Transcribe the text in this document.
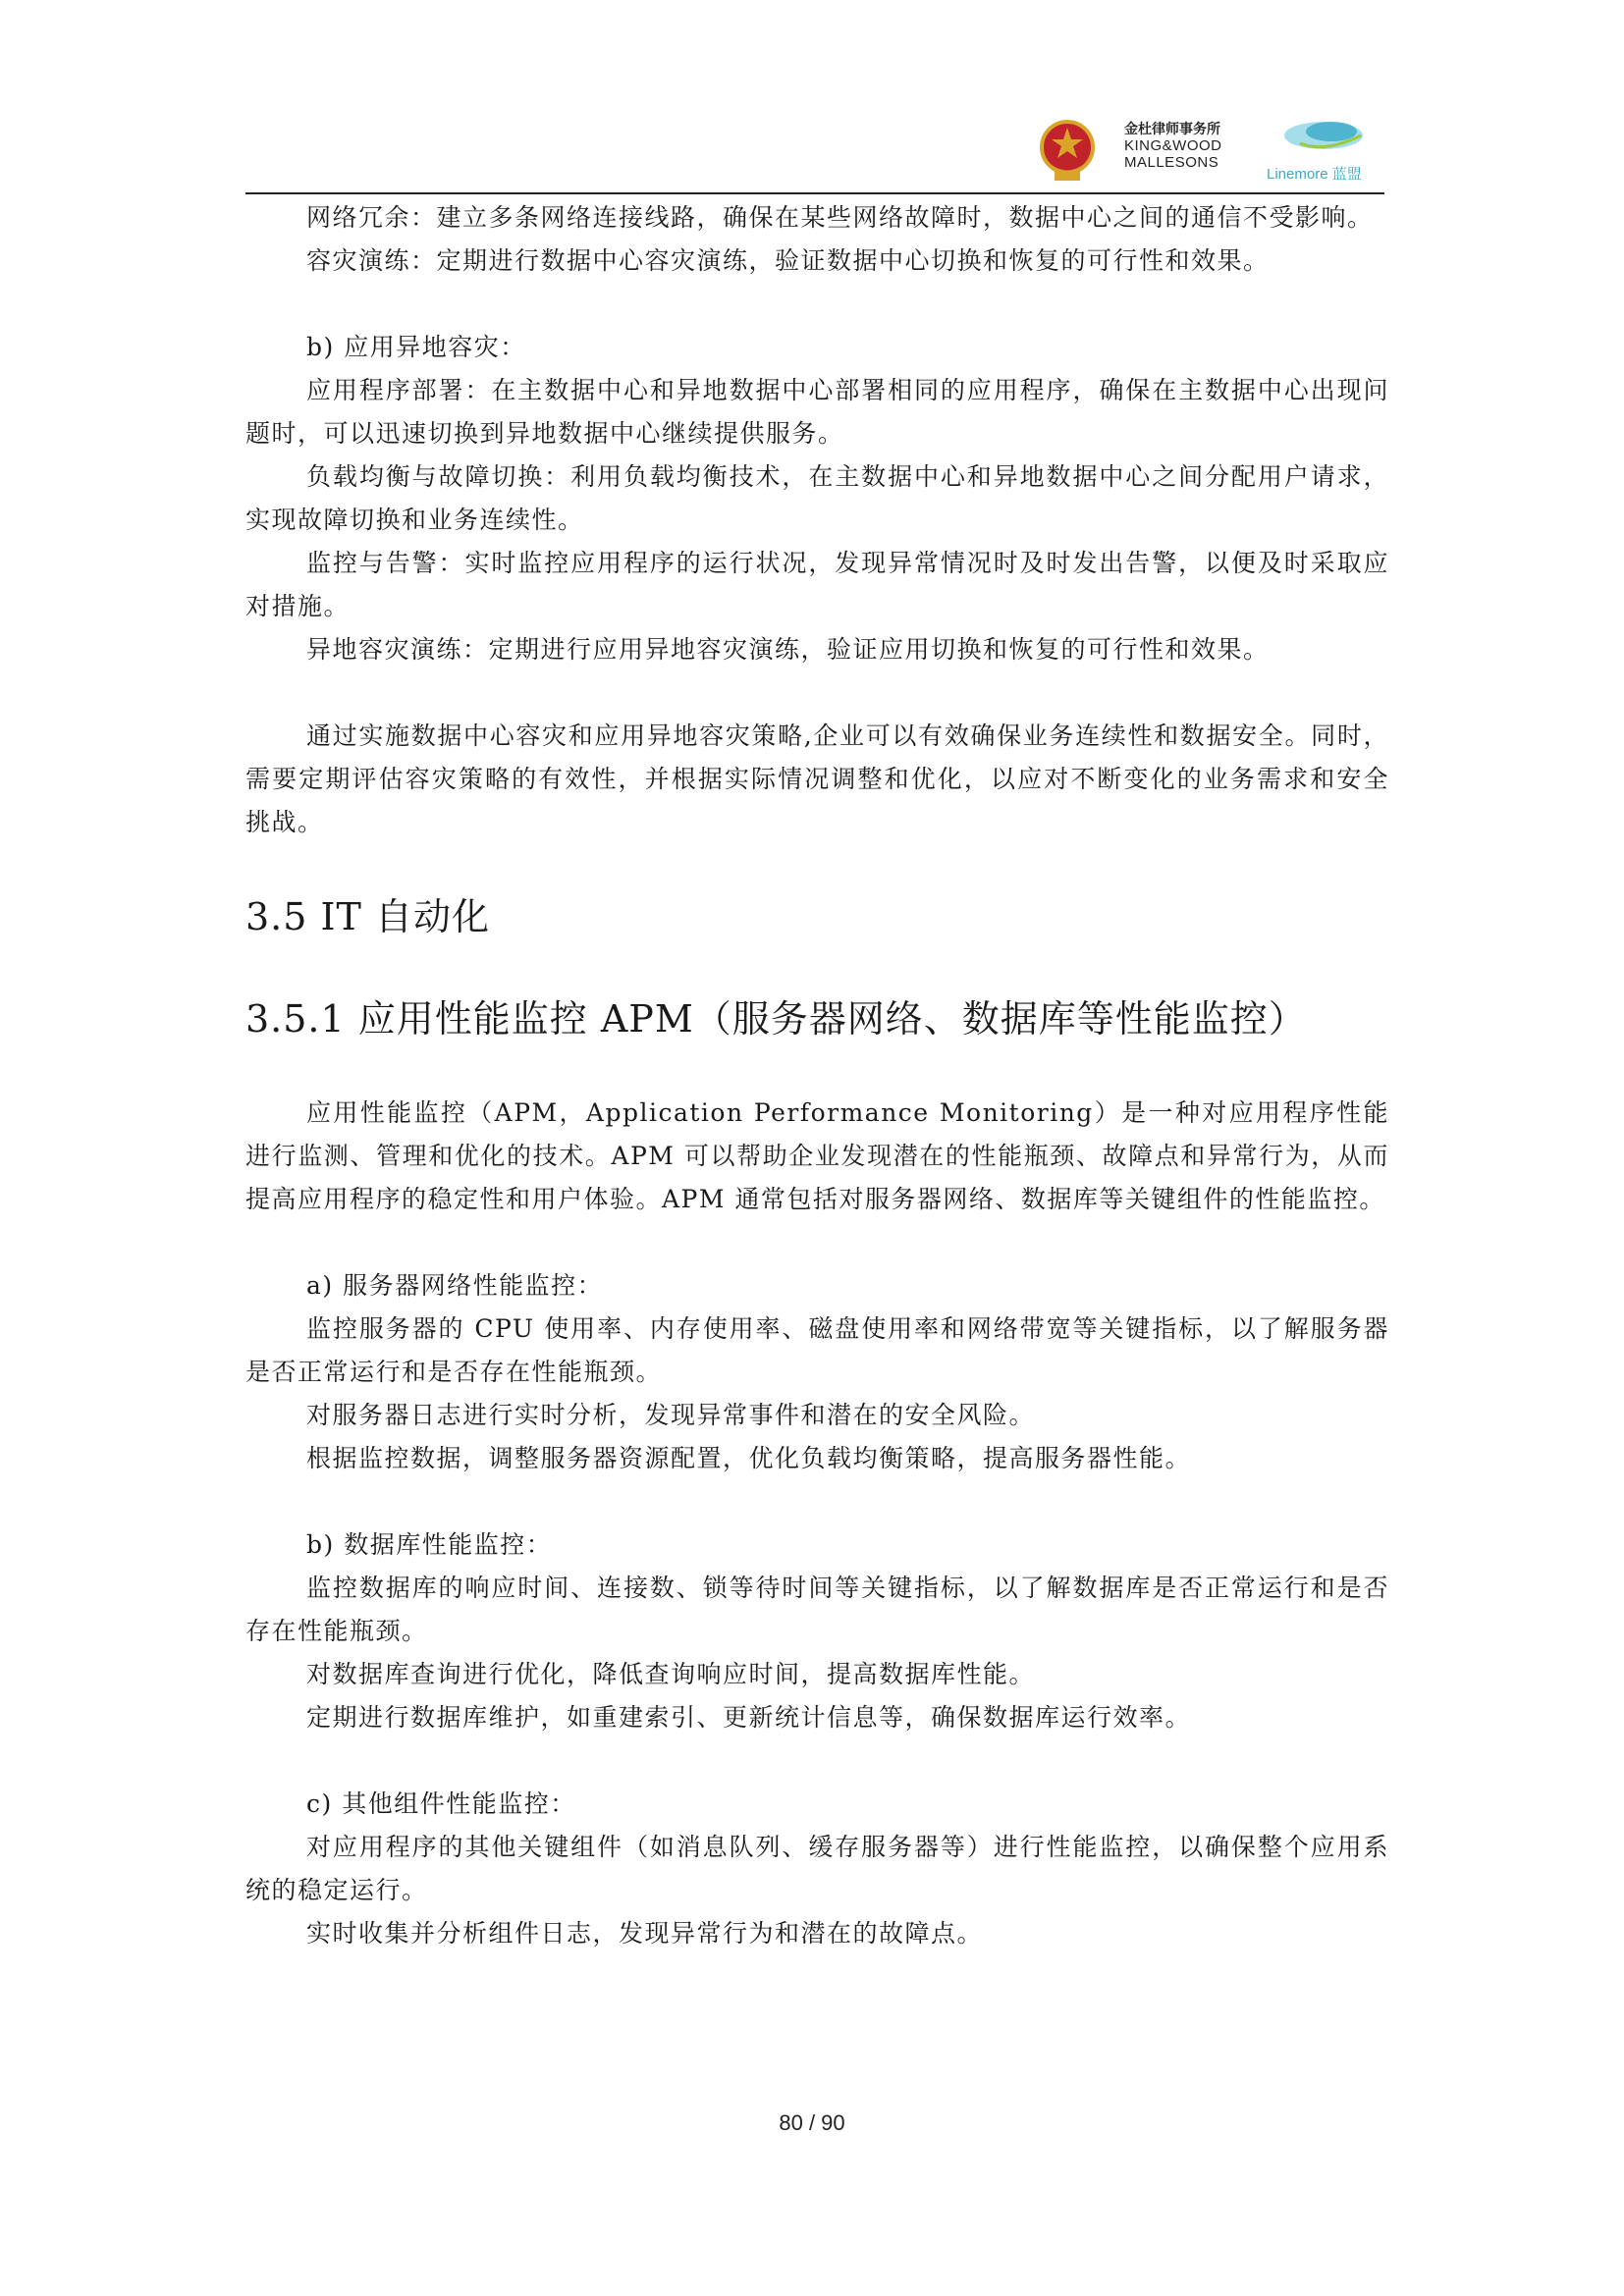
金杜律师事务所
KING&WOOD
MALLESONS
Linemore 蓝盟

网络冗余：建立多条网络连接线路，确保在某些网络故障时，数据中心之间的通信不受影响。

容灾演练：定期进行数据中心容灾演练，验证数据中心切换和恢复的可行性和效果。

b) 应用异地容灾：

应用程序部署：在主数据中心和异地数据中心部署相同的应用程序，确保在主数据中心出现问题时，可以迅速切换到异地数据中心继续提供服务。

负载均衡与故障切换：利用负载均衡技术，在主数据中心和异地数据中心之间分配用户请求，实现故障切换和业务连续性。

监控与告警：实时监控应用程序的运行状况，发现异常情况时及时发出告警，以便及时采取应对措施。

异地容灾演练：定期进行应用异地容灾演练，验证应用切换和恢复的可行性和效果。

通过实施数据中心容灾和应用异地容灾策略,企业可以有效确保业务连续性和数据安全。同时，需要定期评估容灾策略的有效性，并根据实际情况调整和优化，以应对不断变化的业务需求和安全挑战。

3.5 IT 自动化
3.5.1 应用性能监控 APM（服务器网络、数据库等性能监控）

应用性能监控（APM，Application Performance Monitoring）是一种对应用程序性能进行监测、管理和优化的技术。APM 可以帮助企业发现潜在的性能瓶颈、故障点和异常行为，从而提高应用程序的稳定性和用户体验。APM 通常包括对服务器网络、数据库等关键组件的性能监控。

a) 服务器网络性能监控：

监控服务器的 CPU 使用率、内存使用率、磁盘使用率和网络带宽等关键指标，以了解服务器是否正常运行和是否存在性能瓶颈。

对服务器日志进行实时分析，发现异常事件和潜在的安全风险。

根据监控数据，调整服务器资源配置，优化负载均衡策略，提高服务器性能。

b) 数据库性能监控：

监控数据库的响应时间、连接数、锁等待时间等关键指标，以了解数据库是否正常运行和是否存在性能瓶颈。

对数据库查询进行优化，降低查询响应时间，提高数据库性能。

定期进行数据库维护，如重建索引、更新统计信息等，确保数据库运行效率。

c) 其他组件性能监控：

对应用程序的其他关键组件（如消息队列、缓存服务器等）进行性能监控，以确保整个应用系统的稳定运行。

实时收集并分析组件日志，发现异常行为和潜在的故障点。

80 / 90
